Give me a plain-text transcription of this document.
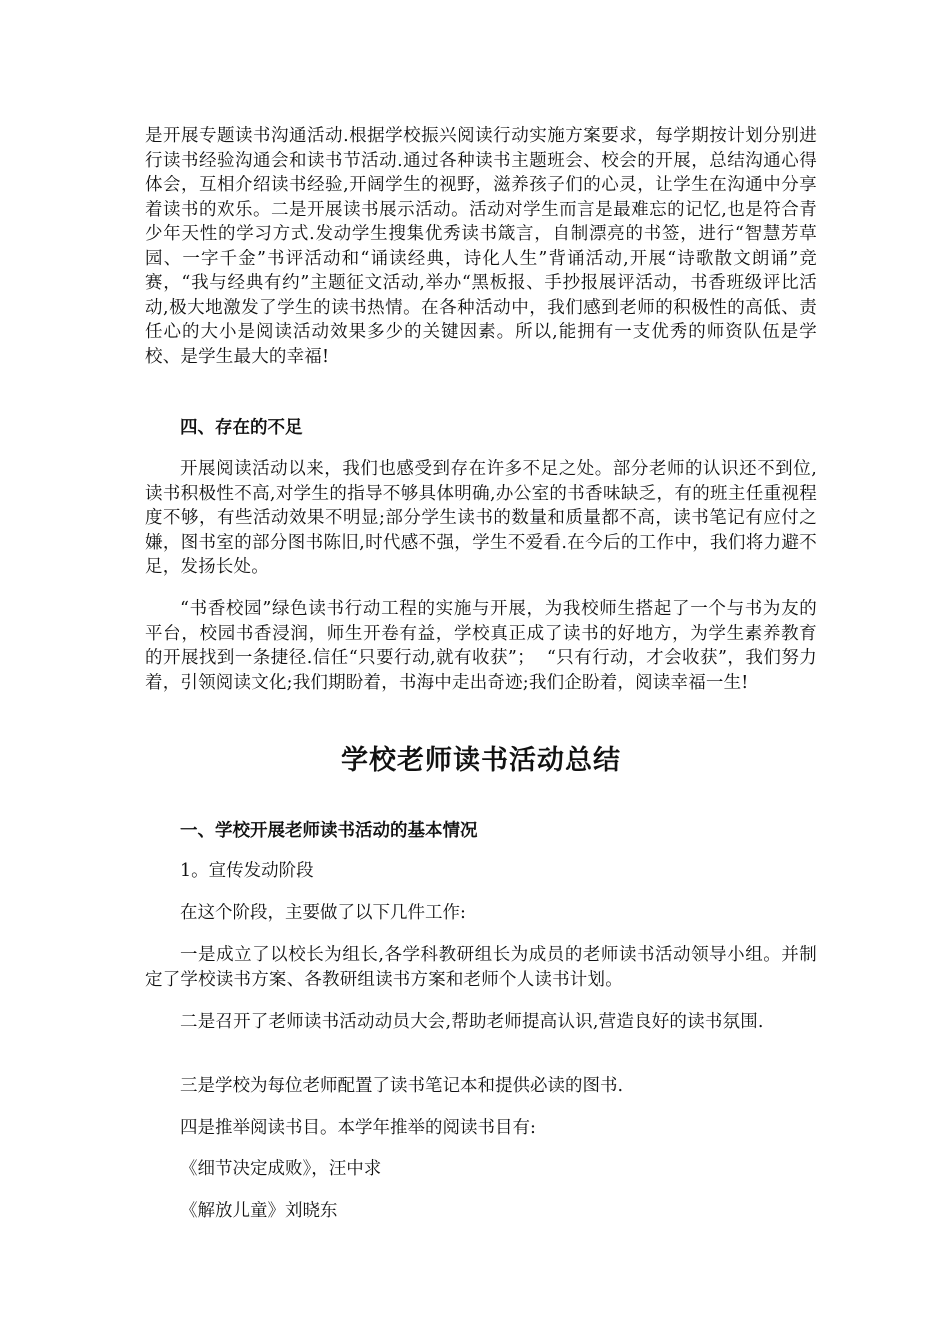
是开展专题读书沟通活动.根据学校振兴阅读行动实施方案要求，每学期按计划分别进行读书经验沟通会和读书节活动.通过各种读书主题班会、校会的开展，总结沟通心得体会，互相介绍读书经验,开阔学生的视野，滋养孩子们的心灵，让学生在沟通中分享着读书的欢乐。二是开展读书展示活动。活动对学生而言是最难忘的记忆,也是符合青少年天性的学习方式.发动学生搜集优秀读书箴言，自制漂亮的书签，进行“智慧芳草园、一字千金”书评活动和“诵读经典，诗化人生”背诵活动,开展“诗歌散文朗诵”竞赛，“我与经典有约”主题征文活动,举办“黑板报、手抄报展评活动，书香班级评比活动,极大地激发了学生的读书热情。在各种活动中，我们感到老师的积极性的高低、责任心的大小是阅读活动效果多少的关键因素。所以,能拥有一支优秀的师资队伍是学校、是学生最大的幸福!
四、存在的不足
开展阅读活动以来，我们也感受到存在许多不足之处。部分老师的认识还不到位,读书积极性不高,对学生的指导不够具体明确,办公室的书香味缺乏，有的班主任重视程度不够，有些活动效果不明显;部分学生读书的数量和质量都不高，读书笔记有应付之嫌，图书室的部分图书陈旧,时代感不强，学生不爱看.在今后的工作中，我们将力避不足，发扬长处。
“书香校园”绿色读书行动工程的实施与开展，为我校师生搭起了一个与书为友的平台，校园书香浸润，师生开卷有益，学校真正成了读书的好地方，为学生素养教育的开展找到一条捷径.信任“只要行动,就有收获”；  “只有行动，才会收获”，我们努力着，引领阅读文化;我们期盼着，书海中走出奇迹;我们企盼着，阅读幸福一生!
学校老师读书活动总结
一、学校开展老师读书活动的基本情况
1。宣传发动阶段
在这个阶段，主要做了以下几件工作:
一是成立了以校长为组长,各学科教研组长为成员的老师读书活动领导小组。并制定了学校读书方案、各教研组读书方案和老师个人读书计划。
二是召开了老师读书活动动员大会,帮助老师提高认识,营造良好的读书氛围.
三是学校为每位老师配置了读书笔记本和提供必读的图书.
四是推举阅读书目。本学年推举的阅读书目有:
《细节决定成败》，汪中求
《解放儿童》刘晓东
